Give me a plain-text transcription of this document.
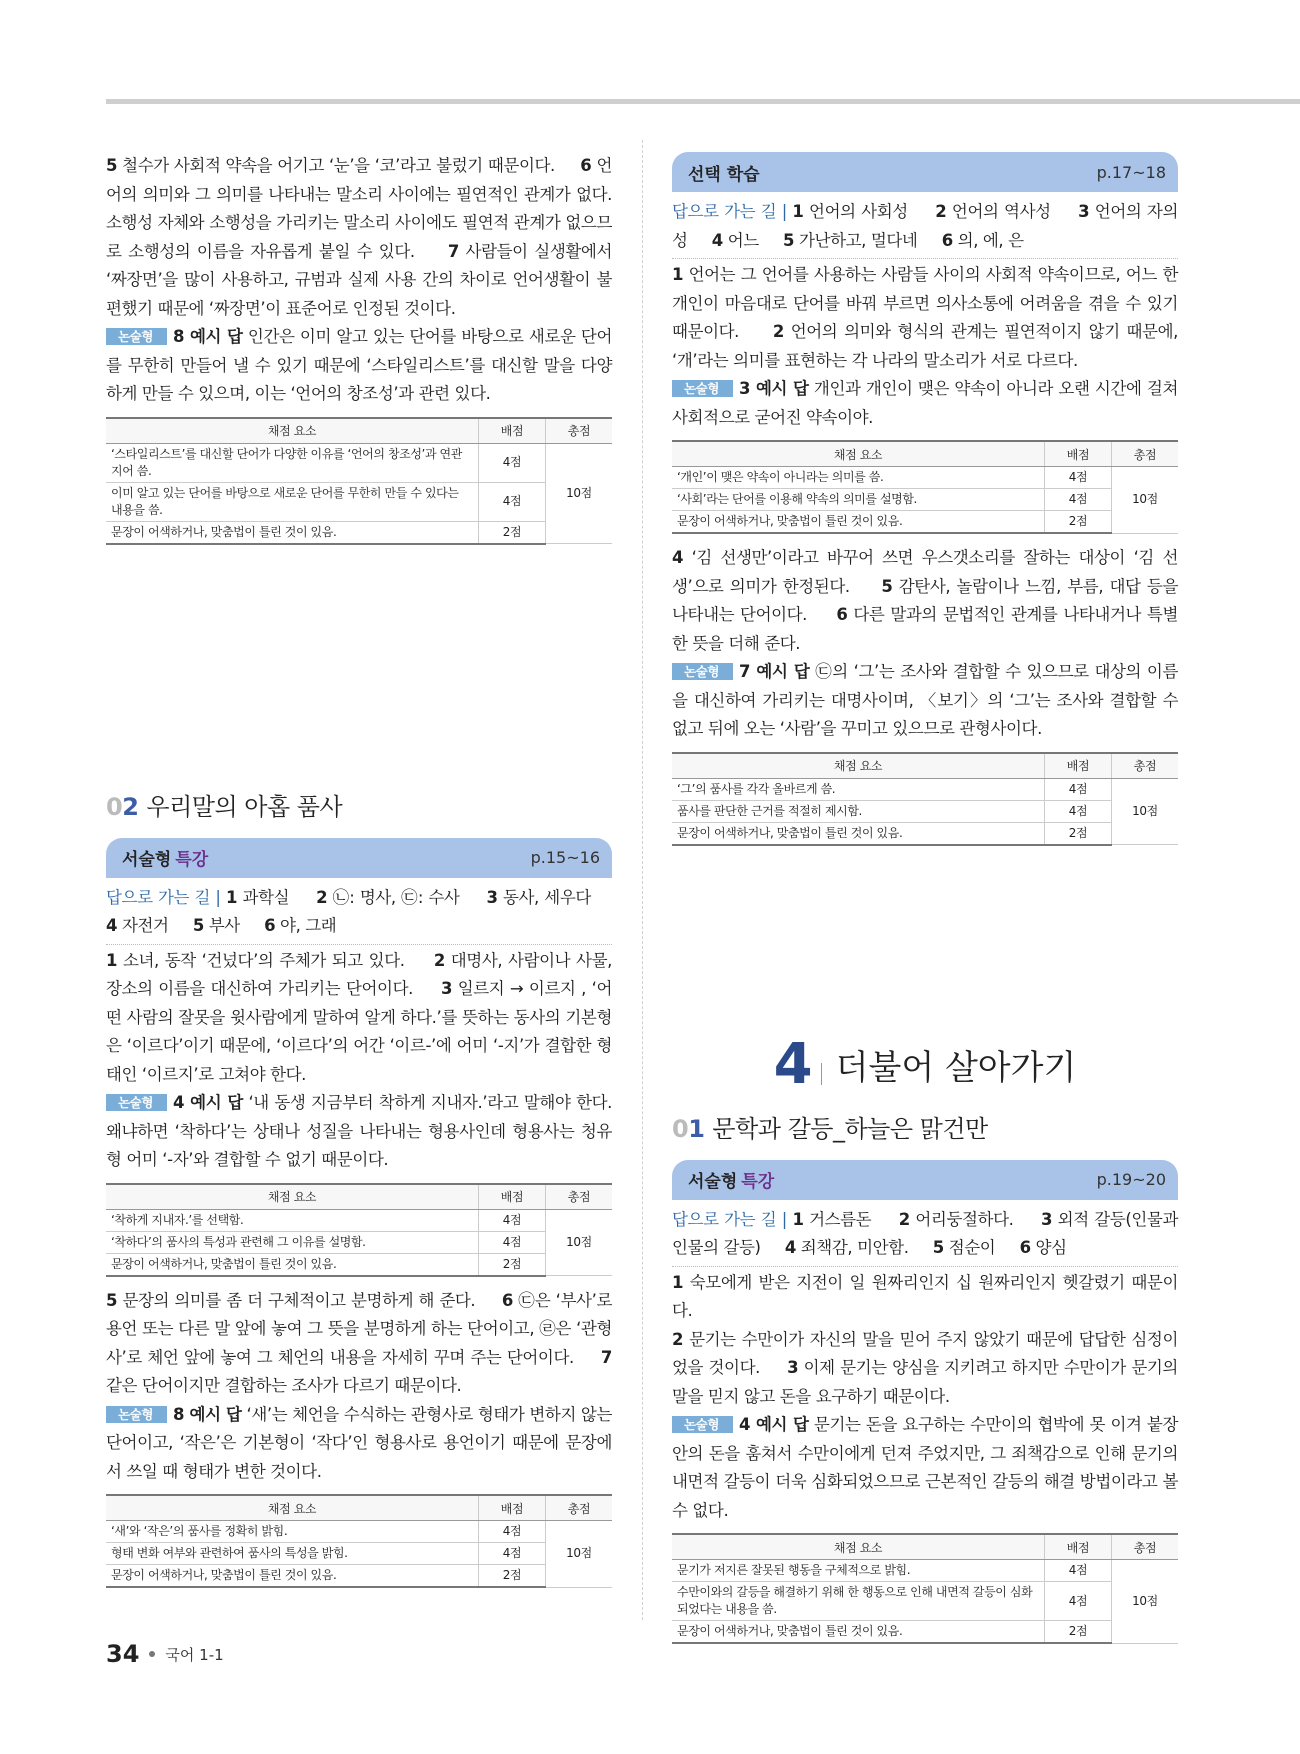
5 철수가 사회적 약속을 어기고 ‘눈’을 ‘코’라고 불렀기 때문이다. 6 언어의 의미와 그 의미를 나타내는 말소리 사이에는 필연적인 관계가 없다. 소행성 자체와 소행성을 가리키는 말소리 사이에도 필연적 관계가 없으므로 소행성의 이름을 자유롭게 붙일 수 있다. 7 사람들이 실생활에서 ‘짜장면’을 많이 사용하고, 규범과 실제 사용 간의 차이로 언어생활이 불편했기 때문에 ‘짜장면’이 표준어로 인정된 것이다.

논술형 8 예시 답 인간은 이미 알고 있는 단어를 바탕으로 새로운 단어를 무한히 만들어 낼 수 있기 때문에 ‘스타일리스트’를 대신할 말을 다양하게 만들 수 있으며, 이는 ‘언어의 창조성’과 관련 있다.

채점 요소	배점	총점
‘스타일리스트’를 대신할 단어가 다양한 이유를 ‘언어의 창조성’과 연관 지어 씀.	4점	10점
이미 알고 있는 단어를 바탕으로 새로운 단어를 무한히 만들 수 있다는 내용을 씀.	4점	
문장이 어색하거나, 맞춤법이 틀린 것이 있음.	2점	
02 우리말의 아홉 품사
서술형 특강	p.15~16

답으로 가는 길 | 1 과학실 2 ㉡: 명사, ㉢: 수사 3 동사, 세우다     4 자전거 5 부사 6 야, 그래

1 소녀, 동작 ‘건넜다’의 주체가 되고 있다. 2 대명사, 사람이나 사물, 장소의 이름을 대신하여 가리키는 단어이다. 3 일르지 → 이르지 , ‘어떤 사람의 잘못을 윗사람에게 말하여 알게 하다.’를 뜻하는 동사의 기본형은 ‘이르다’이기 때문에, ‘이르다’의 어간 ‘이르-’에 어미 ‘-지’가 결합한 형태인 ‘이르지’로 고쳐야 한다.

논술형 4 예시 답 ‘내 동생 지금부터 착하게 지내자.’라고 말해야 한다. 왜냐하면 ‘착하다’는 상태나 성질을 나타내는 형용사인데 형용사는 청유형 어미 ‘-자’와 결합할 수 없기 때문이다.

채점 요소	배점	총점
‘착하게 지내자.’를 선택함.	4점	10점
‘착하다’의 품사의 특성과 관련해 그 이유를 설명함.	4점	
문장이 어색하거나, 맞춤법이 틀린 것이 있음.	2점	

5 문장의 의미를 좀 더 구체적이고 분명하게 해 준다. 6 ㉢은 ‘부사’로 용언 또는 다른 말 앞에 놓여 그 뜻을 분명하게 하는 단어이고, ㉣은 ‘관형사’로 체언 앞에 놓여 그 체언의 내용을 자세히 꾸며 주는 단어이다. 7 같은 단어이지만 결합하는 조사가 다르기 때문이다.

논술형 8 예시 답 ‘새’는 체언을 수식하는 관형사로 형태가 변하지 않는 단어이고, ‘작은’은 기본형이 ‘작다’인 형용사로 용언이기 때문에 문장에서 쓰일 때 형태가 변한 것이다.

채점 요소	배점	총점
‘새’와 ‘작은’의 품사를 정확히 밝힘.	4점	10점
형태 변화 여부와 관련하여 품사의 특성을 밝힘.	4점	
문장이 어색하거나, 맞춤법이 틀린 것이 있음.	2점	
선택 학습	p.17~18

답으로 가는 길 | 1 언어의 사회성 2 언어의 역사성 3 언어의 자의성 4 어느 5 가난하고, 멀다네 6 의, 에, 은

1 언어는 그 언어를 사용하는 사람들 사이의 사회적 약속이므로, 어느 한 개인이 마음대로 단어를 바꿔 부르면 의사소통에 어려움을 겪을 수 있기 때문이다. 2 언어의 의미와 형식의 관계는 필연적이지 않기 때문에, ‘개’라는 의미를 표현하는 각 나라의 말소리가 서로 다르다.

논술형 3 예시 답 개인과 개인이 맺은 약속이 아니라 오랜 시간에 걸쳐 사회적으로 굳어진 약속이야.

채점 요소	배점	총점
‘개인’이 맺은 약속이 아니라는 의미를 씀.	4점	10점
‘사회’라는 단어를 이용해 약속의 의미를 설명함.	4점	
문장이 어색하거나, 맞춤법이 틀린 것이 있음.	2점	

4 ‘김 선생만’이라고 바꾸어 쓰면 우스갯소리를 잘하는 대상이 ‘김 선생’으로 의미가 한정된다. 5 감탄사, 놀람이나 느낌, 부름, 대답 등을 나타내는 단어이다. 6 다른 말과의 문법적인 관계를 나타내거나 특별한 뜻을 더해 준다.

논술형 7 예시 답 ㉢의 ‘그’는 조사와 결합할 수 있으므로 대상의 이름을 대신하여 가리키는 대명사이며, 〈보기〉의 ‘그’는 조사와 결합할 수 없고 뒤에 오는 ‘사람’을 꾸미고 있으므로 관형사이다.

채점 요소	배점	총점
‘그’의 품사를 각각 올바르게 씀.	4점	10점
품사를 판단한 근거를 적절히 제시함.	4점	
문장이 어색하거나, 맞춤법이 틀린 것이 있음.	2점	
4 더불어 살아가기
01 문학과 갈등_하늘은 맑건만
서술형 특강	p.19~20

답으로 가는 길 | 1 거스름돈 2 어리둥절하다. 3 외적 갈등(인물과 인물의 갈등) 4 죄책감, 미안함. 5 점순이 6 양심

1 숙모에게 받은 지전이 일 원짜리인지 십 원짜리인지 헷갈렸기 때문이다.
2 문기는 수만이가 자신의 말을 믿어 주지 않았기 때문에 답답한 심정이었을 것이다. 3 이제 문기는 양심을 지키려고 하지만 수만이가 문기의 말을 믿지 않고 돈을 요구하기 때문이다.

논술형 4 예시 답 문기는 돈을 요구하는 수만이의 협박에 못 이겨 붙장 안의 돈을 훔쳐서 수만이에게 던져 주었지만, 그 죄책감으로 인해 문기의 내면적 갈등이 더욱 심화되었으므로 근본적인 갈등의 해결 방법이라고 볼 수 없다.

채점 요소	배점	총점
문기가 저지른 잘못된 행동을 구체적으로 밝힘.	4점	10점
수만이와의 갈등을 해결하기 위해 한 행동으로 인해 내면적 갈등이 심화되었다는 내용을 씀.	4점	
문장이 어색하거나, 맞춤법이 틀린 것이 있음.	2점	
34 국어 1-1
